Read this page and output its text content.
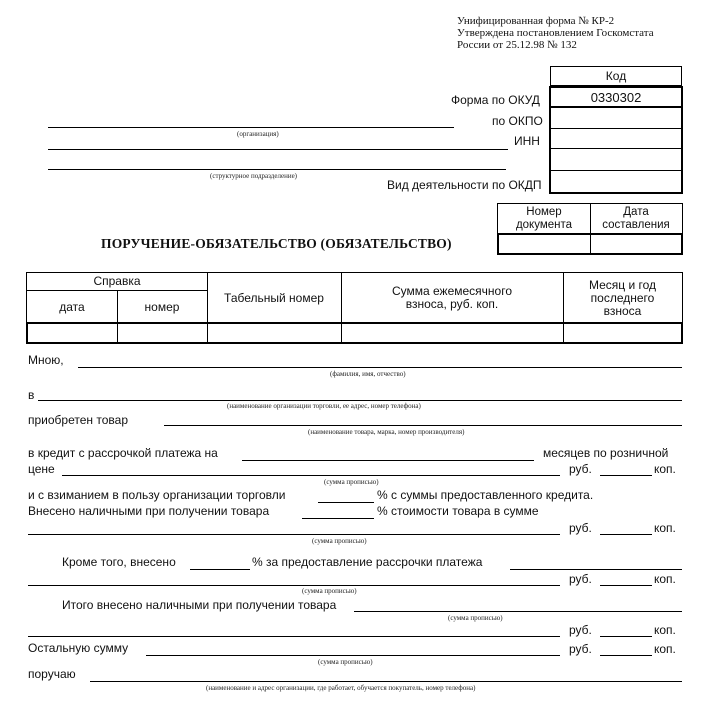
Унифицированная форма № КР-2
Утверждена постановлением Госкомстата
России от 25.12.98 № 132
Код
0330302
Форма по ОКУД
по ОКПО
ИНН
Вид деятельности по ОКДП
(организация)
(структурное подразделение)
Номер документа
Дата составления
ПОРУЧЕНИЕ-ОБЯЗАТЕЛЬСТВО (ОБЯЗАТЕЛЬСТВО)
Справка
дата	номер
Табельный номер	Сумма ежемесячного взноса, руб. коп.
Месяц и год последнего взноса
Мною,
(фамилия, имя, отчество)
в
(наименование организации торговли, ее адрес, номер телефона)
приобретен товар
(наименование товара, марка, номер производителя)
в кредит с рассрочкой платежа на	месяцев по розничной
цене
(сумма прописью)
руб.	коп.
и с взиманием в пользу организации торговли	% с суммы предоставленного кредита.
Внесено наличными при получении товара	% стоимости товара в сумме
(сумма прописью)
руб.	коп.
Кроме того, внесено	% за предоставление рассрочки платежа
(сумма прописью)
руб.	коп.
Итого внесено наличными при получении товара
(сумма прописью)
руб.	коп.
Остальную сумму
(сумма прописью)
руб.	коп.
поручаю
(наименование и адрес организации, где работает, обучается покупатель, номер телефона)
